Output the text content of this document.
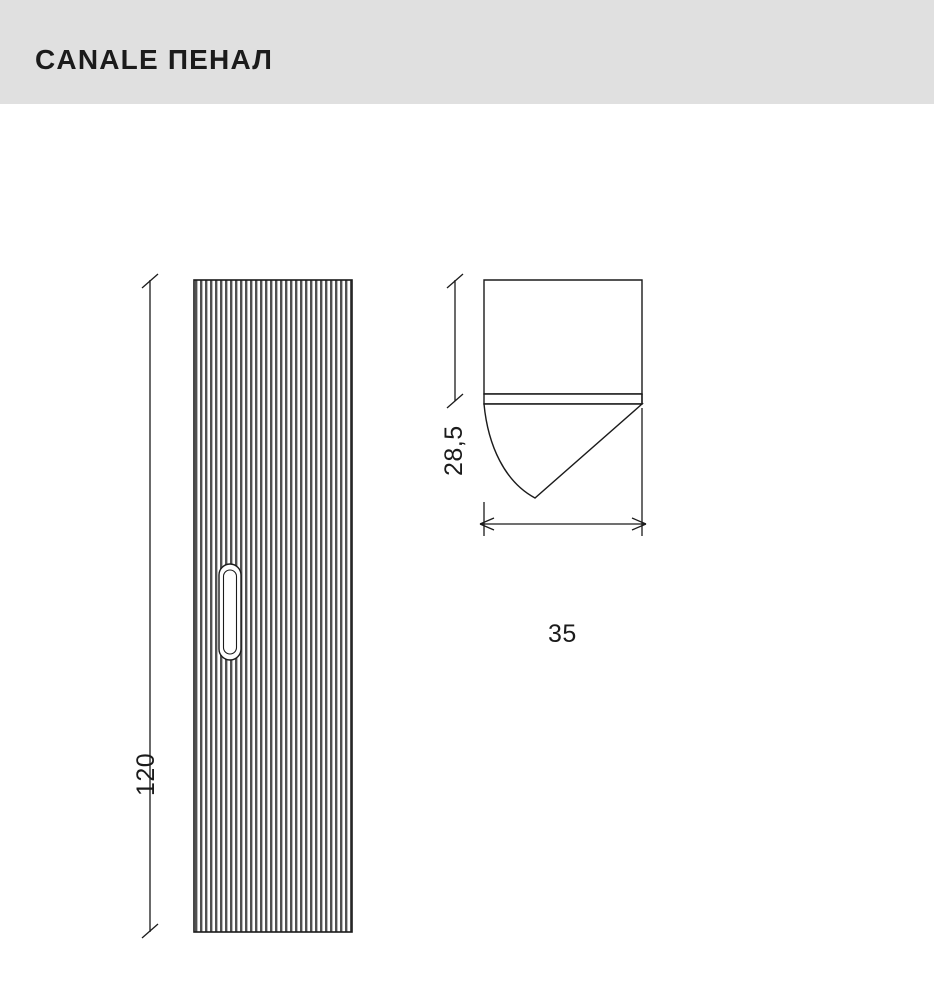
CANALE ПЕНАЛ
120
28,5
35
